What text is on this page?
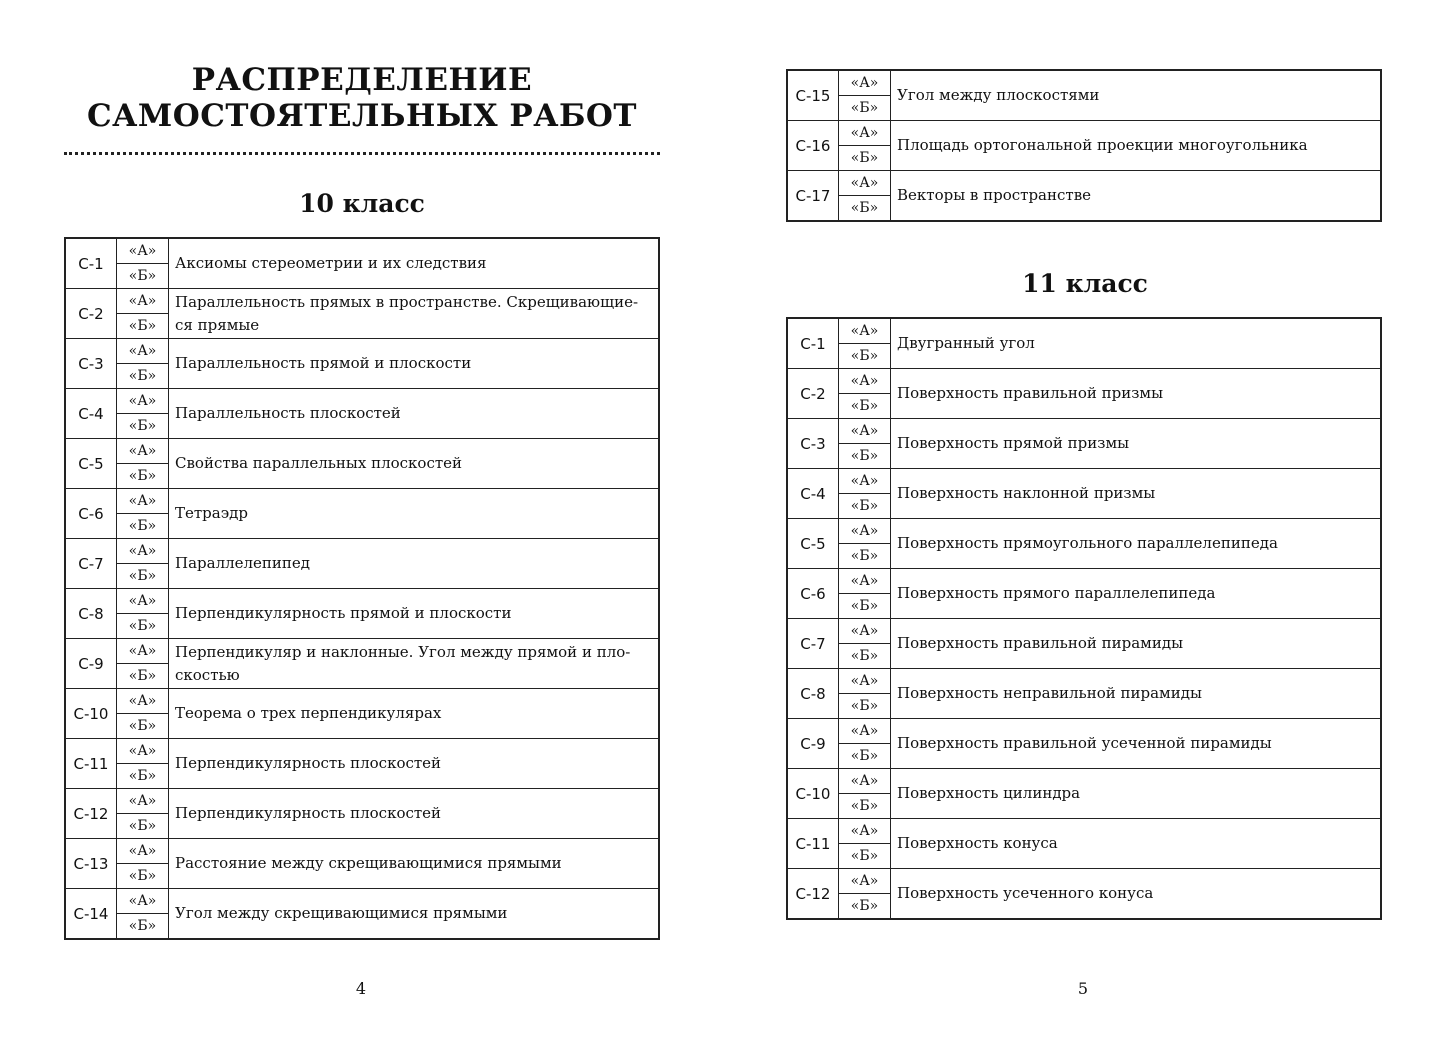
РАСПРЕДЕЛЕНИЕ
САМОСТОЯТЕЛЬНЫХ РАБОТ
10 класс
С-1	«А»	Аксиомы стереометрии и их следствия
	«Б»	
С-2	«А»	Параллельность прямых в пространстве. Скрещивающие-ся прямые
	«Б»	
С-3	«А»	Параллельность прямой и плоскости
	«Б»	
С-4	«А»	Параллельность плоскостей
	«Б»	
С-5	«А»	Свойства параллельных плоскостей
	«Б»	
С-6	«А»	Тетраэдр
	«Б»	
С-7	«А»	Параллелепипед
	«Б»	
С-8	«А»	Перпендикулярность прямой и плоскости
	«Б»	
С-9	«А»	Перпендикуляр и наклонные. Угол между прямой и пло-скостью
	«Б»	
С-10	«А»	Теорема о трех перпендикулярах
	«Б»	
С-11	«А»	Перпендикулярность плоскостей
	«Б»	
С-12	«А»	Перпендикулярность плоскостей
	«Б»	
С-13	«А»	Расстояние между скрещивающимися прямыми
	«Б»	
С-14	«А»	Угол между скрещивающимися прямыми
	«Б»	
4
С-15	«А»	Угол между плоскостями
	«Б»	
С-16	«А»	Площадь ортогональной проекции многоугольника
	«Б»	
С-17	«А»	Векторы в пространстве
	«Б»	
11 класс
С-1	«А»	Двугранный угол
	«Б»	
С-2	«А»	Поверхность правильной призмы
	«Б»	
С-3	«А»	Поверхность прямой призмы
	«Б»	
С-4	«А»	Поверхность наклонной призмы
	«Б»	
С-5	«А»	Поверхность прямоугольного параллелепипеда
	«Б»	
С-6	«А»	Поверхность прямого параллелепипеда
	«Б»	
С-7	«А»	Поверхность правильной пирамиды
	«Б»	
С-8	«А»	Поверхность неправильной пирамиды
	«Б»	
С-9	«А»	Поверхность правильной усеченной пирамиды
	«Б»	
С-10	«А»	Поверхность цилиндра
	«Б»	
С-11	«А»	Поверхность конуса
	«Б»	
С-12	«А»	Поверхность усеченного конуса
	«Б»	
5
